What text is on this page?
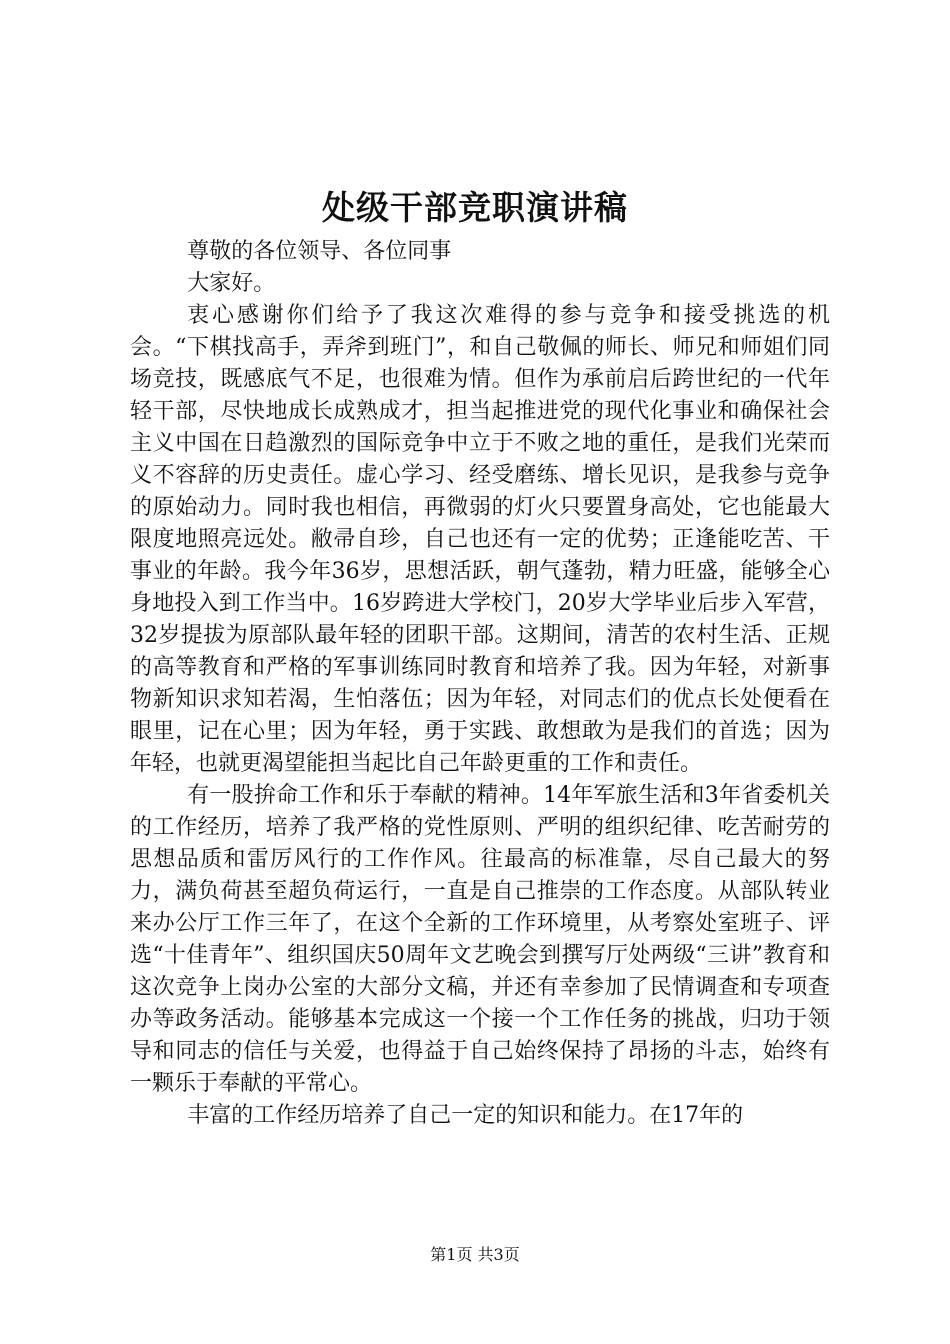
处级干部竞职演讲稿

尊敬的各位领导、各位同事

大家好。

衷心感谢你们给予了我这次难得的参与竞争和接受挑选的机会。“下棋找高手，弄斧到班门”，和自己敬佩的师长、师兄和师姐们同场竞技，既感底气不足，也很难为情。但作为承前启后跨世纪的一代年轻干部，尽快地成长成熟成才，担当起推进党的现代化事业和确保社会主义中国在日趋激烈的国际竞争中立于不败之地的重任，是我们光荣而义不容辞的历史责任。虚心学习、经受磨练、增长见识，是我参与竞争的原始动力。同时我也相信，再微弱的灯火只要置身高处，它也能最大限度地照亮远处。敝帚自珍，自己也还有一定的优势；正逢能吃苦、干事业的年龄。我今年36岁，思想活跃，朝气蓬勃，精力旺盛，能够全心身地投入到工作当中。16岁跨进大学校门，20岁大学毕业后步入军营，32岁提拔为原部队最年轻的团职干部。这期间，清苦的农村生活、正规的高等教育和严格的军事训练同时教育和培养了我。因为年轻，对新事物新知识求知若渴，生怕落伍；因为年轻，对同志们的优点长处便看在眼里，记在心里；因为年轻，勇于实践、敢想敢为是我们的首选；因为年轻，也就更渴望能担当起比自己年龄更重的工作和责任。

有一股拚命工作和乐于奉献的精神。14年军旅生活和3年省委机关的工作经历，培养了我严格的党性原则、严明的组织纪律、吃苦耐劳的思想品质和雷厉风行的工作作风。往最高的标准靠，尽自己最大的努力，满负荷甚至超负荷运行，一直是自己推崇的工作态度。从部队转业来办公厅工作三年了，在这个全新的工作环境里，从考察处室班子、评选“十佳青年”、组织国庆50周年文艺晚会到撰写厅处两级“三讲”教育和这次竞争上岗办公室的大部分文稿，并还有幸参加了民情调查和专项查办等政务活动。能够基本完成这一个接一个工作任务的挑战，归功于领导和同志的信任与关爱，也得益于自己始终保持了昂扬的斗志，始终有一颗乐于奉献的平常心。

丰富的工作经历培养了自己一定的知识和能力。在17年的

第1页 共3页
